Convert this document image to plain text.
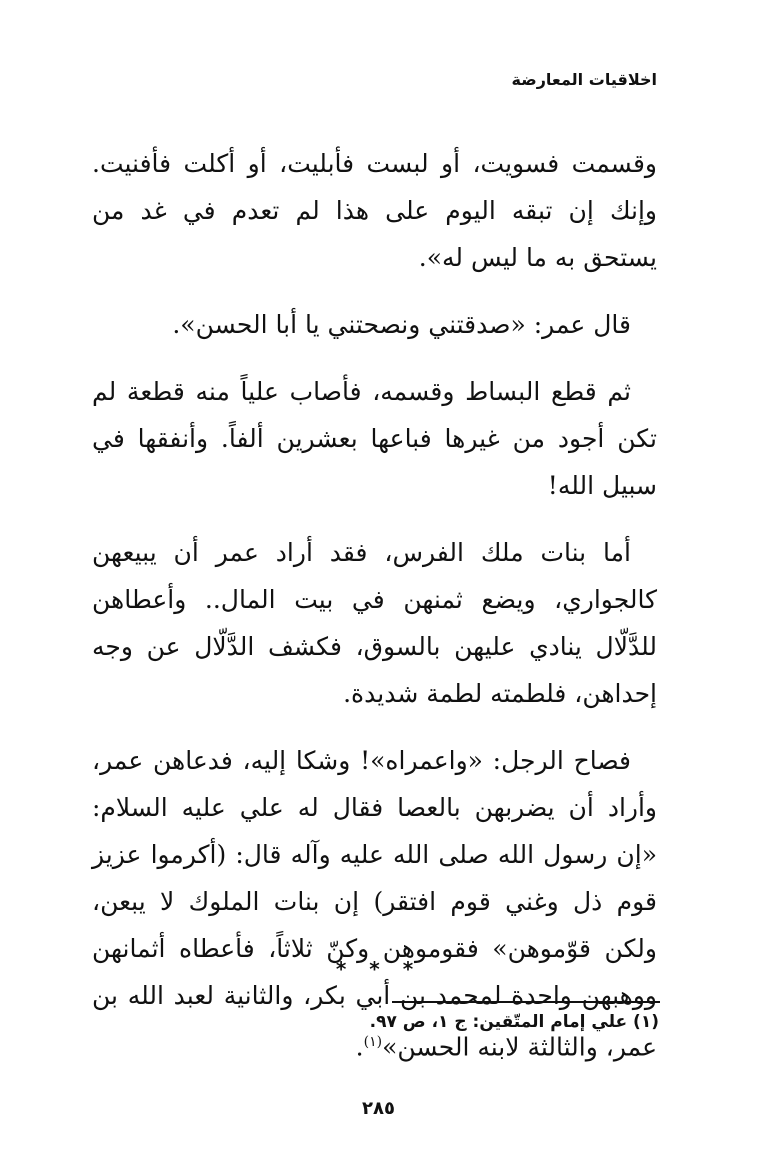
اخلاقيات المعارضة

وقسمت فسويت، أو لبست فأبليت، أو أكلت فأفنيت. وإنك إن تبقه اليوم على هذا لم تعدم في غد من يستحق به ما ليس له».

قال عمر: «صدقتني ونصحتني يا أبا الحسن».

ثم قطع البساط وقسمه، فأصاب علياً منه قطعة لم تكن أجود من غيرها فباعها بعشرين ألفاً. وأنفقها في سبيل الله!

أما بنات ملك الفرس، فقد أراد عمر أن يبيعهن كالجواري، ويضع ثمنهن في بيت المال.. وأعطاهن للدَّلّال ينادي عليهن بالسوق، فكشف الدَّلّال عن وجه إحداهن، فلطمته لطمة شديدة.

فصاح الرجل: «واعمراه»! وشكا إليه، فدعاهن عمر، وأراد أن يضربهن بالعصا فقال له علي عليه السلام: «إن رسول الله صلى الله عليه وآله قال: (أكرموا عزيز قوم ذل وغني قوم افتقر) إن بنات الملوك لا يبعن، ولكن قوّموهن» فقوموهن وكنّ ثلاثاً، فأعطاه أثمانهن ووهبهن واحدة لمحمد بن أبي بكر، والثانية لعبد الله بن عمر، والثالثة لابنه الحسن»$^{(١)}$.

* * *
(١) علي إمام المتّقين: ج ١، ص ٩٧.
٢٨٥
